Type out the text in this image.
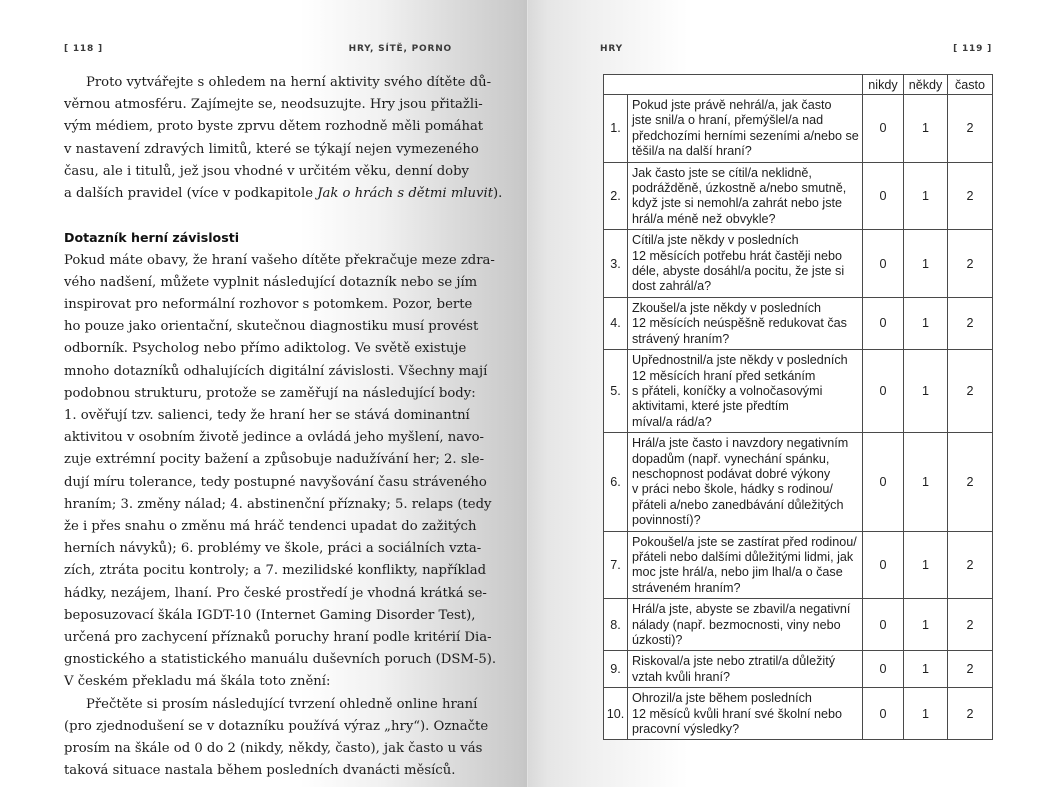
[ 118 ]	HRY, SÍTĚ, PORNO
Proto vytvářejte s ohledem na herní aktivity svého dítěte dů-
věrnou atmosféru. Zajímejte se, neodsuzujte. Hry jsou přitažli-
vým médiem, proto byste zprvu dětem rozhodně měli pomáhat
v nastavení zdravých limitů, které se týkají nejen vymezeného
času, ale i titulů, jež jsou vhodné v určitém věku, denní doby
a dalších pravidel (více v podkapitole Jak o hrách s dětmi mluvit).
Dotazník herní závislosti
Pokud máte obavy, že hraní vašeho dítěte překračuje meze zdra-
vého nadšení, můžete vyplnit následující dotazník nebo se jím
inspirovat pro neformální rozhovor s potomkem. Pozor, berte
ho pouze jako orientační, skutečnou diagnostiku musí provést
odborník. Psycholog nebo přímo adiktolog. Ve světě existuje
mnoho dotazníků odhalujících digitální závislosti. Všechny mají
podobnou strukturu, protože se zaměřují na následující body:
1. ověřují tzv. salienci, tedy že hraní her se stává dominantní
aktivitou v osobním životě jedince a ovládá jeho myšlení, navo-
zuje extrémní pocity bažení a způsobuje nadužívání her; 2. sle-
dují míru tolerance, tedy postupné navyšování času stráveného
hraním; 3. změny nálad; 4. abstinenční příznaky; 5. relaps (tedy
že i přes snahu o změnu má hráč tendenci upadat do zažitých
herních návyků); 6. problémy ve škole, práci a sociálních vzta-
zích, ztráta pocitu kontroly; a 7. mezilidské konflikty, například
hádky, nezájem, lhaní. Pro české prostředí je vhodná krátká se-
beposuzovací škála IGDT-10 (Internet Gaming Disorder Test),
určená pro zachycení příznaků poruchy hraní podle kritérií Dia-
gnostického a statistického manuálu duševních poruch (DSM-5).
V českém překladu má škála toto znění:
Přečtěte si prosím následující tvrzení ohledně online hraní
(pro zjednodušení se v dotazníku používá výraz „hry“). Označte
prosím na škále od 0 do 2 (nikdy, někdy, často), jak často u vás
taková situace nastala během posledních dvanácti měsíců.
HRY	[ 119 ]
		nikdy	někdy	často
1.	Pokud jste právě nehrál/a, jak často
jste snil/a o hraní, přemýšlel/a nad
předchozími herními sezeními a/nebo se
těšil/a na další hraní?	0	1	2
2.	Jak často jste se cítil/a neklidně,
podrážděně, úzkostně a/nebo smutně,
když jste si nemohl/a zahrát nebo jste
hrál/a méně než obvykle?	0	1	2
3.	Cítil/a jste někdy v posledních
12 měsících potřebu hrát častěji nebo
déle, abyste dosáhl/a pocitu, že jste si
dost zahrál/a?	0	1	2
4.	Zkoušel/a jste někdy v posledních
12 měsících neúspěšně redukovat čas
strávený hraním?	0	1	2
5.	Upřednostnil/a jste někdy v posledních
12 měsících hraní před setkáním
s přáteli, koníčky a volnočasovými
aktivitami, které jste předtím
míval/a rád/a?	0	1	2
6.	
Hrál/a jste často i navzdory negativním
dopadům (např. vynechání spánku,
neschopnost podávat dobré výkony
v práci nebo škole, hádky s rodinou/
přáteli a/nebo zanedbávání důležitých
povinností)?
	0	1	2
7.	Pokoušel/a jste se zastírat před rodinou/
přáteli nebo dalšími důležitými lidmi, jak
moc jste hrál/a, nebo jim lhal/a o čase
stráveném hraním?	0	1	2
8.	Hrál/a jste, abyste se zbavil/a negativní
nálady (např. bezmocnosti, viny nebo
úzkosti)?	0	1	2
9.	Riskoval/a jste nebo ztratil/a důležitý
vztah kvůli hraní?	0	1	2
10.	Ohrozil/a jste během posledních
12 měsíců kvůli hraní své školní nebo
pracovní výsledky?	0	1	2
